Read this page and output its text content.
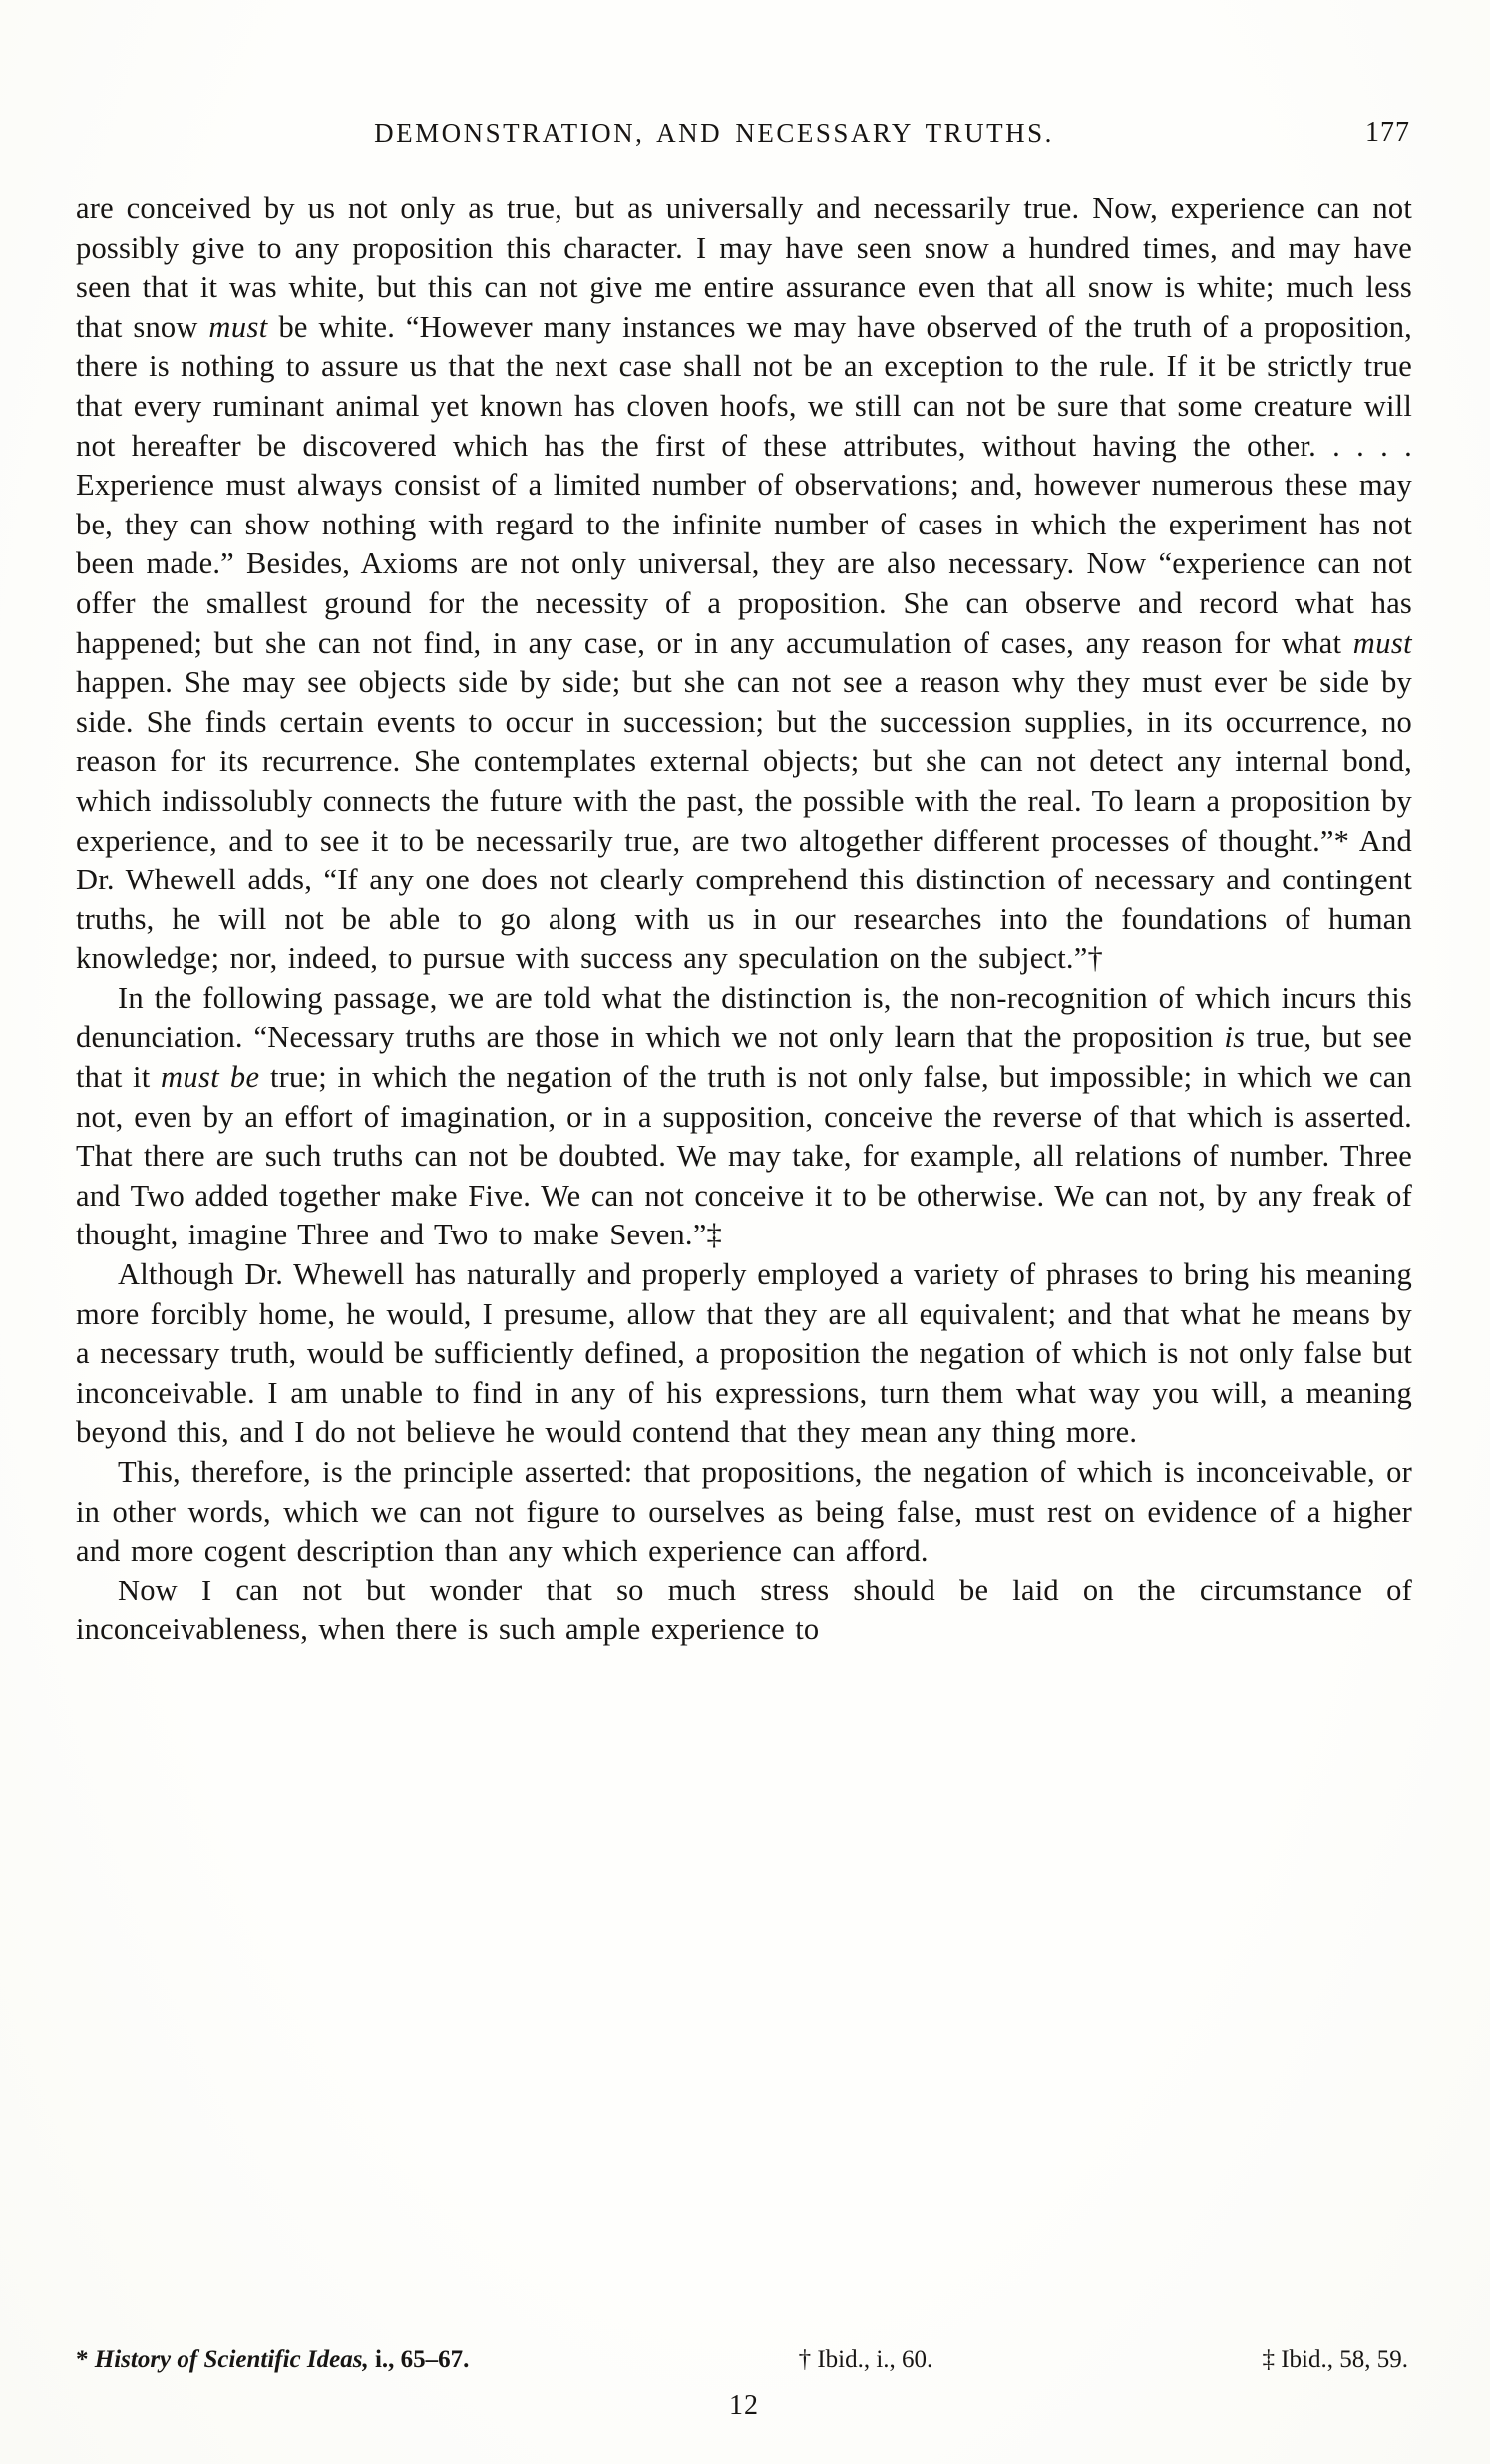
DEMONSTRATION, AND NECESSARY TRUTHS.	177

are conceived by us not only as true, but as universally and necessarily true. Now, experience can not possibly give to any proposition this character. I may have seen snow a hundred times, and may have seen that it was white, but this can not give me entire assurance even that all snow is white; much less that snow must be white. “However many instances we may have observed of the truth of a proposition, there is nothing to assure us that the next case shall not be an exception to the rule. If it be strictly true that every ruminant animal yet known has cloven hoofs, we still can not be sure that some creature will not hereafter be discovered which has the first of these attributes, without having the other. . . . . Experience must always consist of a limited number of observations; and, however numerous these may be, they can show nothing with regard to the infinite number of cases in which the experiment has not been made.” Besides, Axioms are not only universal, they are also necessary. Now “experience can not offer the smallest ground for the necessity of a proposition. She can observe and record what has happened; but she can not find, in any case, or in any accumulation of cases, any reason for what must happen. She may see objects side by side; but she can not see a reason why they must ever be side by side. She finds certain events to occur in succession; but the succession supplies, in its occurrence, no reason for its recurrence. She contemplates external objects; but she can not detect any internal bond, which indissolubly connects the future with the past, the possible with the real. To learn a proposition by experience, and to see it to be necessarily true, are two altogether different processes of thought.”* And Dr. Whewell adds, “If any one does not clearly comprehend this distinction of necessary and contingent truths, he will not be able to go along with us in our researches into the foundations of human knowledge; nor, indeed, to pursue with success any speculation on the subject.”†

In the following passage, we are told what the distinction is, the non-recognition of which incurs this denunciation. “Necessary truths are those in which we not only learn that the proposition is true, but see that it must be true; in which the negation of the truth is not only false, but impossible; in which we can not, even by an effort of imagination, or in a supposition, conceive the reverse of that which is asserted. That there are such truths can not be doubted. We may take, for example, all relations of number. Three and Two added together make Five. We can not conceive it to be otherwise. We can not, by any freak of thought, imagine Three and Two to make Seven.”‡

Although Dr. Whewell has naturally and properly employed a variety of phrases to bring his meaning more forcibly home, he would, I presume, allow that they are all equivalent; and that what he means by a necessary truth, would be sufficiently defined, a proposition the negation of which is not only false but inconceivable. I am unable to find in any of his expressions, turn them what way you will, a meaning beyond this, and I do not believe he would contend that they mean any thing more.

This, therefore, is the principle asserted: that propositions, the negation of which is inconceivable, or in other words, which we can not figure to ourselves as being false, must rest on evidence of a higher and more cogent description than any which experience can afford.

Now I can not but wonder that so much stress should be laid on the circumstance of inconceivableness, when there is such ample experience to

* History of Scientific Ideas, i., 65–67.	† Ibid., i., 60.	‡ Ibid., 58, 59.
12
